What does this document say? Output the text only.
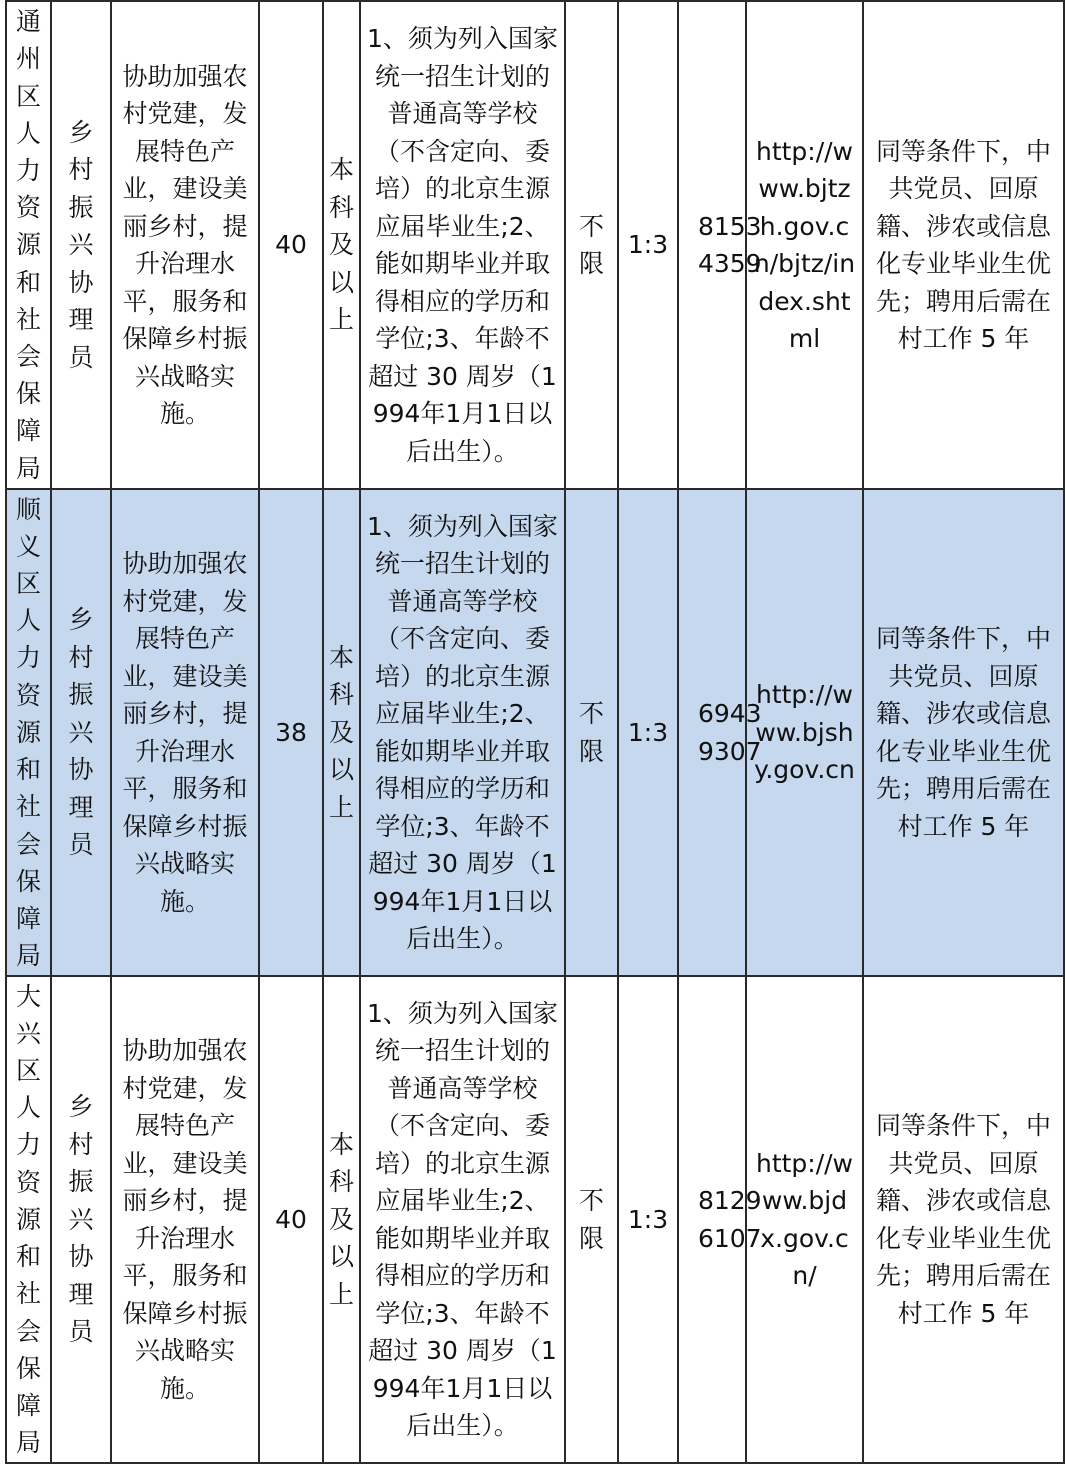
通州区人力资源和社会保障局	乡村振兴协理员	协助加强农村党建，发展特色产业，建设美丽乡村，提升治理水平，服务和保障乡村振兴战略实施。	40	本科及以上	1、须为列入国家统一招生计划的普通高等学校（不含定向、委培）的北京生源应届毕业生;2、能如期毕业并取得相应的学历和学位;3、年龄不超过 30 周岁（1994年1月1日以后出生）。	不限	1:3	81534359	http://www.bjtzh.gov.cn/bjtz/index.shtml	同等条件下，中共党员、回原籍、涉农或信息化专业毕业生优先；聘用后需在村工作 5 年

顺义区人力资源和社会保障局	乡村振兴协理员	协助加强农村党建，发展特色产业，建设美丽乡村，提升治理水平，服务和保障乡村振兴战略实施。	38	本科及以上	1、须为列入国家统一招生计划的普通高等学校（不含定向、委培）的北京生源应届毕业生;2、能如期毕业并取得相应的学历和学位;3、年龄不超过 30 周岁（1994年1月1日以后出生）。	不限	1:3	69439307	http://www.bjshy.gov.cn	同等条件下，中共党员、回原籍、涉农或信息化专业毕业生优先；聘用后需在村工作 5 年

大兴区人力资源和社会保障局	乡村振兴协理员	协助加强农村党建，发展特色产业，建设美丽乡村，提升治理水平，服务和保障乡村振兴战略实施。	40	本科及以上	1、须为列入国家统一招生计划的普通高等学校（不含定向、委培）的北京生源应届毕业生;2、能如期毕业并取得相应的学历和学位;3、年龄不超过 30 周岁（1994年1月1日以后出生）。	不限	1:3	81296107	http://www.bjdx.gov.cn/	同等条件下，中共党员、回原籍、涉农或信息化专业毕业生优先；聘用后需在村工作 5 年
